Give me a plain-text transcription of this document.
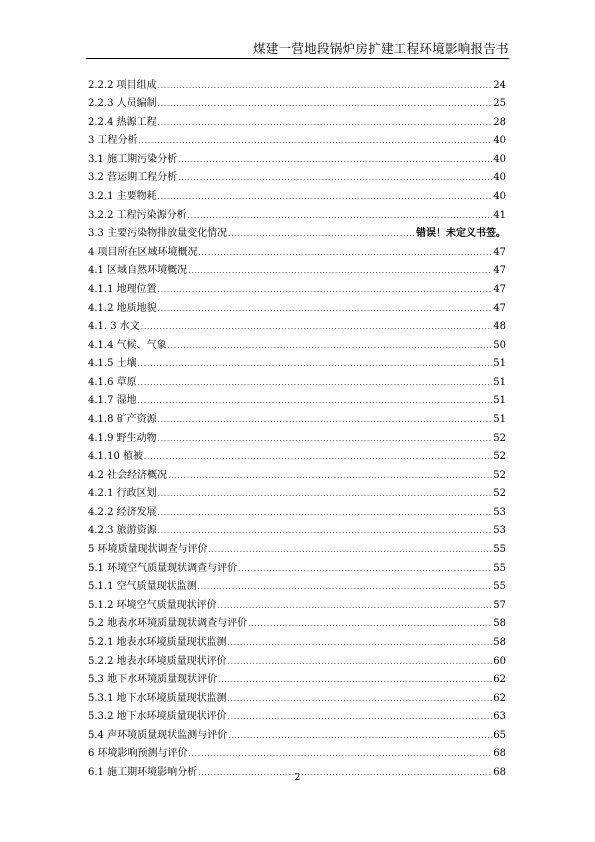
煤建一营地段锅炉房扩建工程环境影响报告书
2.2.2 项目组成 .....	24
2.2.3 人员编制 .....	25
2.2.4 热源工程 .....	28
3 工程分析 .....	40
3.1 施工期污染分析 .....	40
3.2 营运期工程分析 .....	40
3.2.1 主要物耗 .....	40
3.2.2 工程污染源分析 .....	41
3.3 主要污染物排放量变化情况 .....	错误！未定义书签。
4 项目所在区域环境概况 .....	47
4.1 区域自然环境概况 .....	47
4.1.1 地理位置 .....	47
4.1.2 地质地貌 .....	47
4.1. 3 水文 .....	48
4.1.4 气候、气象 .....	50
4.1.5 土壤 .....	51
4.1.6 草原 .....	51
4.1.7 湿地 .....	51
4.1.8 矿产资源 .....	51
4.1.9 野生动物 .....	52
4.1.10 植被 .....	52
4.2 社会经济概况 .....	52
4.2.1 行政区划 .....	52
4.2.2 经济发展 .....	53
4.2.3 旅游资源 .....	53
5 环境质量现状调查与评价 .....	55
5.1 环境空气质量现状调查与评价 .....	55
5.1.1 空气质量现状监测 .....	55
5.1.2 环境空气质量现状评价 .....	57
5.2 地表水环境质量现状调查与评价 .....	58
5.2.1 地表水环境质量现状监测 .....	58
5.2.2 地表水环境质量现状评价 .....	60
5.3 地下水环境质量现状评价 .....	62
5.3.1 地下水环境质量现状监测 .....	62
5.3.2 地下水环境质量现状评价 .....	63
5.4 声环境质量现状监测与评价 .....	65
6 环境影响预测与评价 .....	68
6.1 施工期环境影响分析 .....	68
2
